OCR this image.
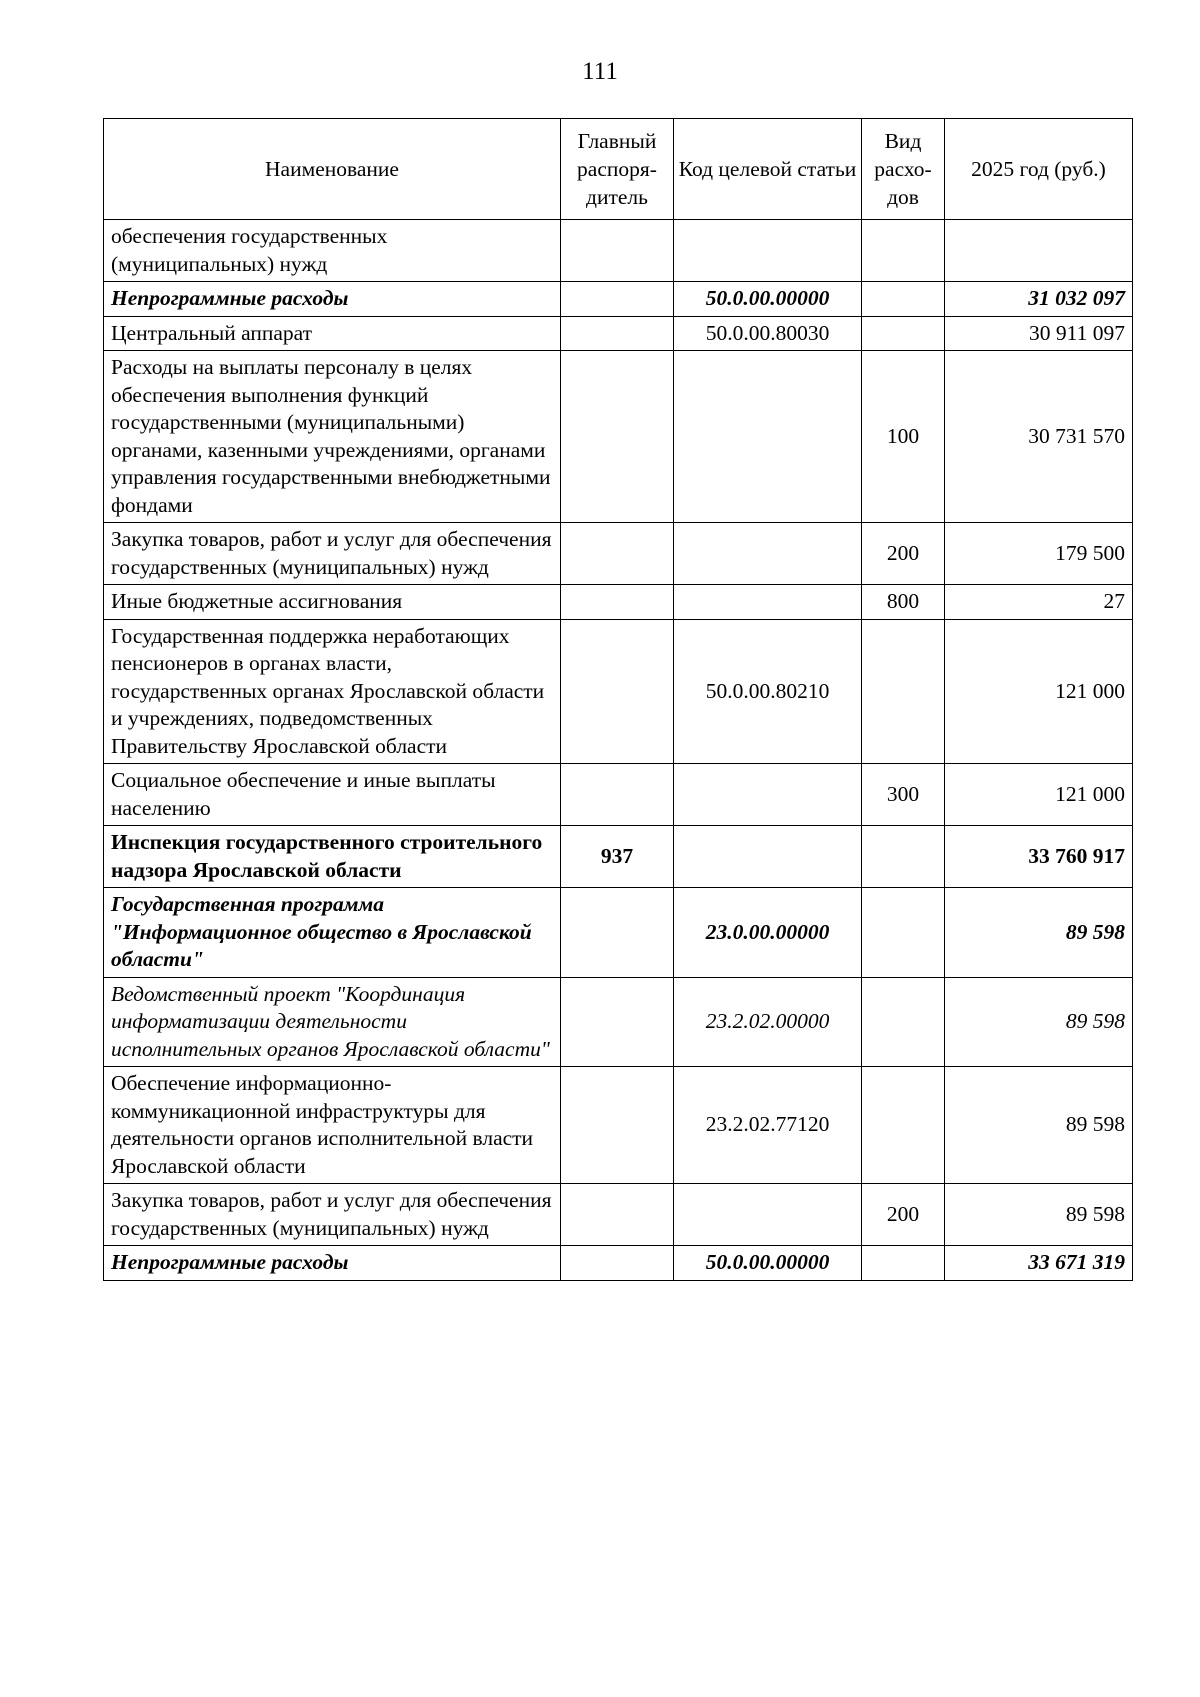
111
Наименование	Главный распоря-дитель	Код целевой статьи	Вид расхо-дов	2025 год (руб.)
обеспечения государственных (муниципальных) нужд				
Непрограммные расходы		50.0.00.00000		31 032 097
Центральный аппарат		50.0.00.80030		30 911 097
Расходы на выплаты персоналу в целях обеспечения выполнения функций государственными (муниципальными) органами, казенными учреждениями, органами управления государственными внебюджетными фондами			100	30 731 570
Закупка товаров, работ и услуг для обеспечения государственных (муниципальных) нужд			200	179 500
Иные бюджетные ассигнования			800	27
Государственная поддержка неработающих пенсионеров в органах власти, государственных органах Ярославской области и учреждениях, подведомственных Правительству Ярославской области		50.0.00.80210		121 000
Социальное обеспечение и иные выплаты населению			300	121 000
Инспекция государственного строительного надзора Ярославской области	937			33 760 917
Государственная программа "Информационное общество в Ярославской области"		23.0.00.00000		89 598
Ведомственный проект "Координация информатизации деятельности исполнительных органов Ярославской области"		23.2.02.00000		89 598
Обеспечение информационно-коммуникационной инфраструктуры для деятельности органов исполнительной власти Ярославской области		23.2.02.77120		89 598
Закупка товаров, работ и услуг для обеспечения государственных (муниципальных) нужд			200	89 598
Непрограммные расходы		50.0.00.00000		33 671 319
